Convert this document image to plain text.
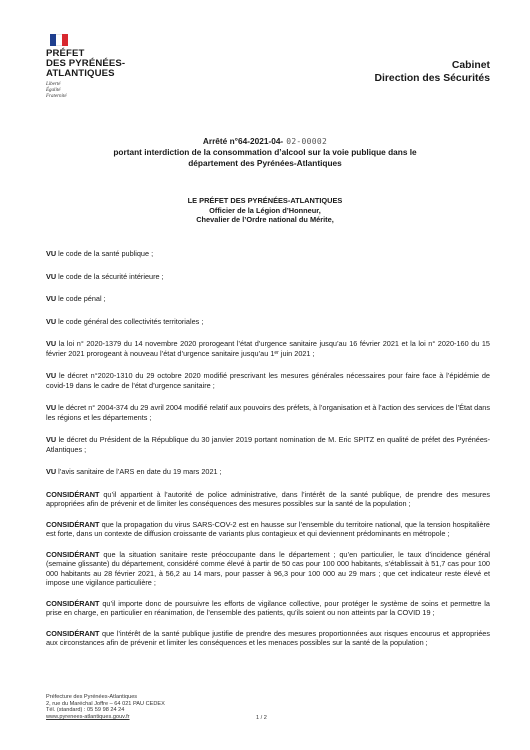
PRÉFET
DES PYRÉNÉES-
ATLANTIQUES
Liberté
Égalité
Fraternité
Cabinet
Direction des Sécurités
Arrêté n°64-2021-04- 02-00002
portant interdiction de la consommation d’alcool sur la voie publique dans le
département des Pyrénées-Atlantiques
LE PRÉFET DES PYRÉNÉES-ATLANTIQUES
Officier de la Légion d’Honneur,
Chevalier de l’Ordre national du Mérite,

VU le code de la santé publique ;

VU le code de la sécurité intérieure ;

VU le code pénal ;

VU le code général des collectivités territoriales ;

VU la loi n° 2020-1379 du 14 novembre 2020 prorogeant l’état d’urgence sanitaire jusqu’au 16 février 2021 et la loi n° 2020-160 du 15 février 2021 prorogeant à nouveau l’état d’urgence sanitaire jusqu’au 1er juin 2021 ;

VU le décret n°2020-1310 du 29 octobre 2020 modifié prescrivant les mesures générales nécessaires pour faire face à l’épidémie de covid-19 dans le cadre de l’état d’urgence sanitaire ;

VU le décret n° 2004-374 du 29 avril 2004 modifié relatif aux pouvoirs des préfets, à l’organisation et à l’action des services de l’État dans les régions et les départements ;

VU le décret du Président de la République du 30 janvier 2019 portant nomination de M. Eric SPITZ en qualité de préfet des Pyrénées-Atlantiques ;

VU l’avis sanitaire de l’ARS en date du 19 mars 2021 ;

CONSIDÉRANT qu’il appartient à l’autorité de police administrative, dans l’intérêt de la santé publique, de prendre des mesures appropriées afin de prévenir et de limiter les conséquences des mesures possibles sur la santé de la population ;

CONSIDÉRANT que la propagation du virus SARS-COV-2 est en hausse sur l’ensemble du territoire national, que la tension hospitalière est forte, dans un contexte de diffusion croissante de variants plus contagieux et qui deviennent prédominants en métropole ;

CONSIDÉRANT que la situation sanitaire reste préoccupante dans le département ; qu’en particulier, le taux d’incidence général (semaine glissante) du département, considéré comme élevé à partir de 50 cas pour 100 000 habitants, s’établissait à 51,7 cas pour 100 000 habitants au 28 février 2021, à 56,2 au 14 mars, pour passer à 96,3 pour 100 000 au 29 mars ; que cet indicateur reste élevé et impose une vigilance particulière ;

CONSIDÉRANT qu’il importe donc de poursuivre les efforts de vigilance collective, pour protéger le système de soins et permettre la prise en charge, en particulier en réanimation, de l’ensemble des patients, qu’ils soient ou non atteints par la COVID 19 ;

CONSIDÉRANT que l’intérêt de la santé publique justifie de prendre des mesures proportionnées aux risques encourus et appropriées aux circonstances afin de prévenir et limiter les conséquences et les menaces possibles sur la santé de la population ;

Préfecture des Pyrénées-Atlantiques
2, rue du Maréchal Joffre – 64 021 PAU CEDEX
Tél. (standard) : 05 59 98 24 24
www.pyrenees-atlantiques.gouv.fr	1 / 2
